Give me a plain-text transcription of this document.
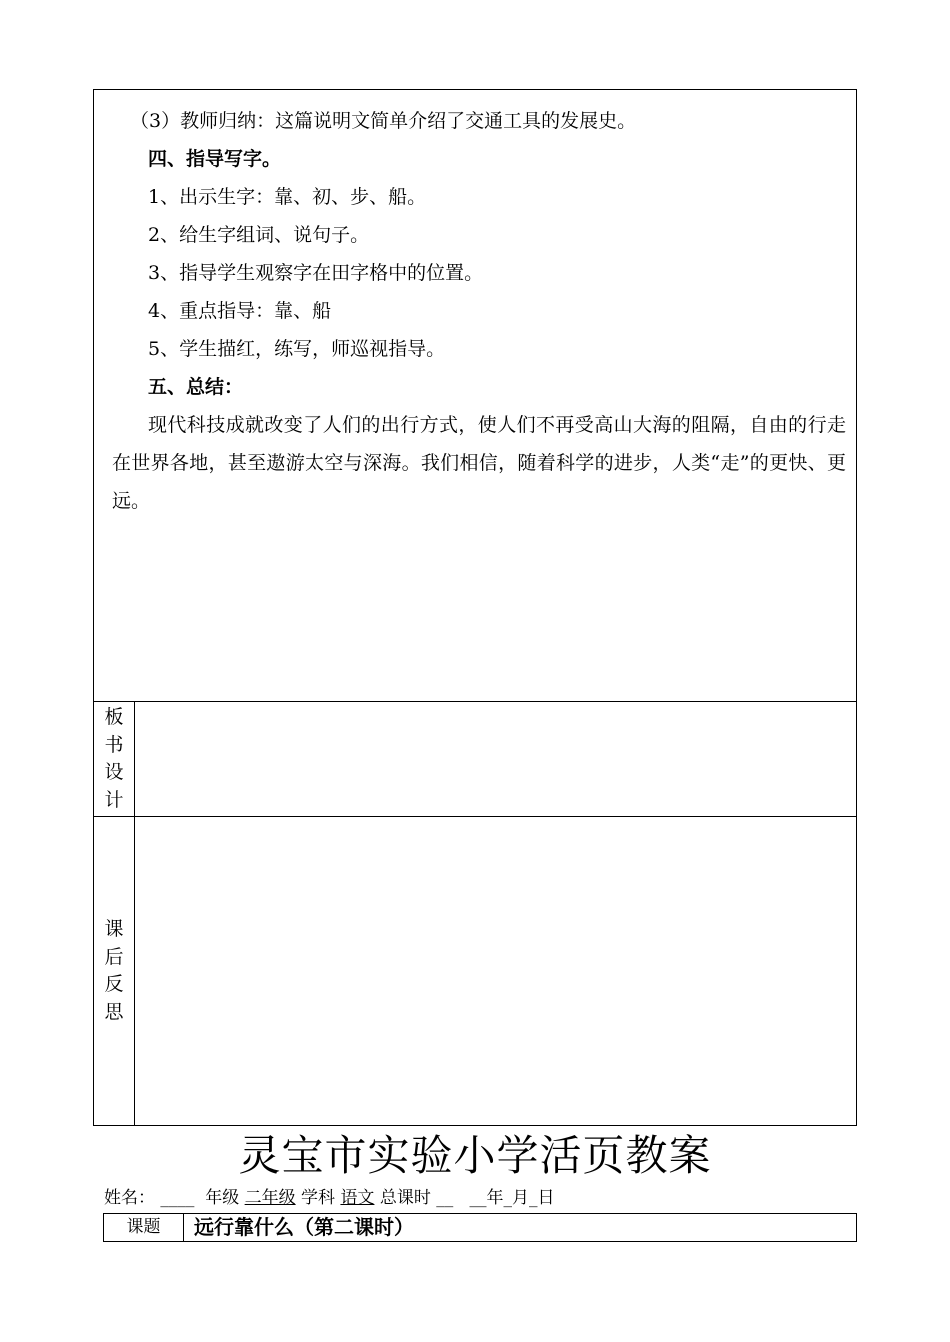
（3）教师归纳：这篇说明文简单介绍了交通工具的发展史。

四、指导写字。

1、出示生字：靠、初、步、船。

2、给生字组词、说句子。

3、指导学生观察字在田字格中的位置。

4、重点指导：靠、船

5、学生描红，练写，师巡视指导。

五、总结：

现代科技成就改变了人们的出行方式，使人们不再受高山大海的阻隔，自由的行走在世界各地，甚至遨游太空与深海。我们相信，随着科学的进步，人类“走”的更快、更远。

板书设计
课后反思
灵宝市实验小学活页教案
姓名： ____ 年级 二年级 学科 语文 总课时 __ __年_月_日
课题	远行靠什么（第二课时）
